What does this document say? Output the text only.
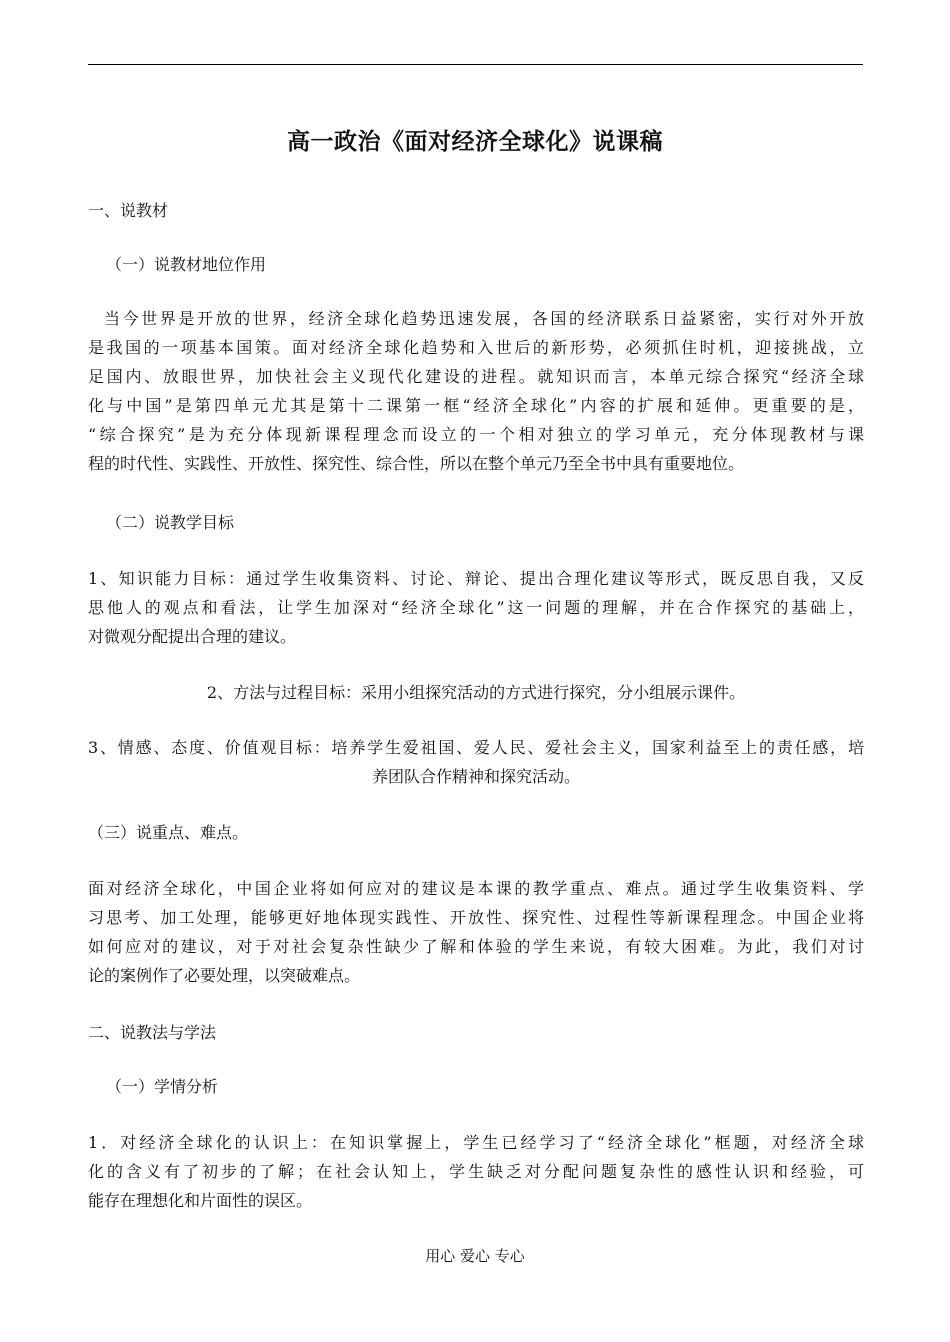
高一政治《面对经济全球化》说课稿
一、说教材
（一）说教材地位作用
当今世界是开放的世界，经济全球化趋势迅速发展，各国的经济联系日益紧密，实行对外开放
是我国的一项基本国策。面对经济全球化趋势和入世后的新形势，必须抓住时机，迎接挑战，立
足国内、放眼世界，加快社会主义现代化建设的进程。就知识而言，本单元综合探究“经济全球
化与中国”是第四单元尤其是第十二课第一框“经济全球化”内容的扩展和延伸。更重要的是，
“综合探究”是为充分体现新课程理念而设立的一个相对独立的学习单元，充分体现教材与课
程的时代性、实践性、开放性、探究性、综合性，所以在整个单元乃至全书中具有重要地位。
（二）说教学目标
1、知识能力目标：通过学生收集资料、讨论、辩论、提出合理化建议等形式，既反思自我，又反
思他人的观点和看法，让学生加深对“经济全球化”这一问题的理解，并在合作探究的基础上，
对微观分配提出合理的建议。
2、方法与过程目标：采用小组探究活动的方式进行探究，分小组展示课件。
3、情感、态度、价值观目标：培养学生爱祖国、爱人民、爱社会主义，国家利益至上的责任感，培
养团队合作精神和探究活动。
（三）说重点、难点。
面对经济全球化，中国企业将如何应对的建议是本课的教学重点、难点。通过学生收集资料、学
习思考、加工处理，能够更好地体现实践性、开放性、探究性、过程性等新课程理念。中国企业将
如何应对的建议，对于对社会复杂性缺少了解和体验的学生来说，有较大困难。为此，我们对讨
论的案例作了必要处理，以突破难点。
二、说教法与学法
（一）学情分析
1．对经济全球化的认识上：在知识掌握上，学生已经学习了“经济全球化”框题，对经济全球
化的含义有了初步的了解；在社会认知上，学生缺乏对分配问题复杂性的感性认识和经验，可
能存在理想化和片面性的误区。
用心 爱心 专心
